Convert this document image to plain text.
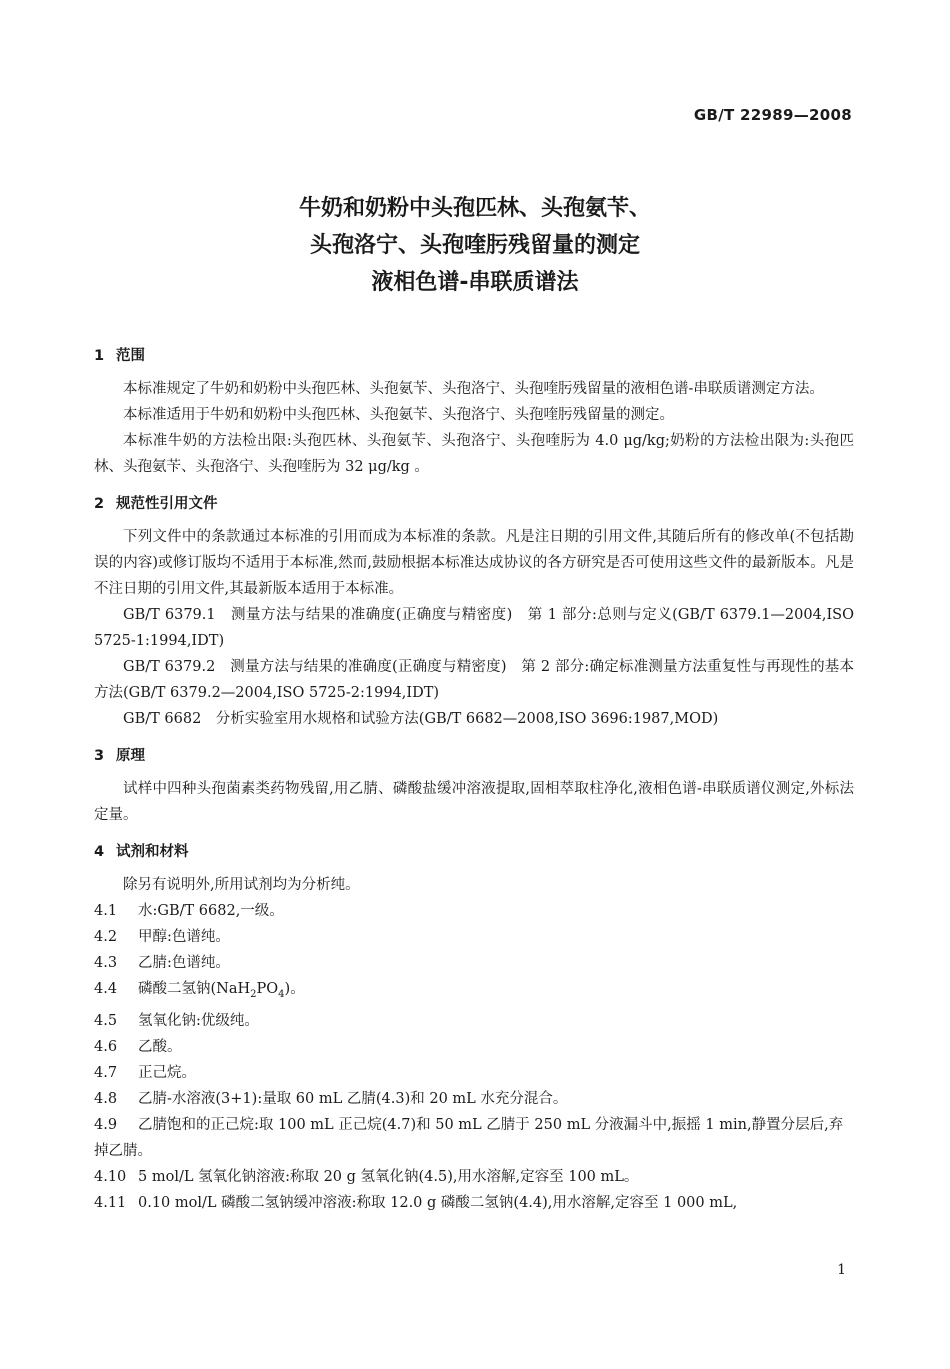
GB/T 22989—2008
牛奶和奶粉中头孢匹林、头孢氨苄、
头孢洛宁、头孢喹肟残留量的测定
液相色谱-串联质谱法
1 范围
本标准规定了牛奶和奶粉中头孢匹林、头孢氨苄、头孢洛宁、头孢喹肟残留量的液相色谱-串联质谱测定方法。
本标准适用于牛奶和奶粉中头孢匹林、头孢氨苄、头孢洛宁、头孢喹肟残留量的测定。
本标准牛奶的方法检出限:头孢匹林、头孢氨苄、头孢洛宁、头孢喹肟为 4.0 μg/kg;奶粉的方法检出限为:头孢匹林、头孢氨苄、头孢洛宁、头孢喹肟为 32 μg/kg 。
2 规范性引用文件
下列文件中的条款通过本标准的引用而成为本标准的条款。凡是注日期的引用文件,其随后所有的修改单(不包括勘误的内容)或修订版均不适用于本标准,然而,鼓励根据本标准达成协议的各方研究是否可使用这些文件的最新版本。凡是不注日期的引用文件,其最新版本适用于本标准。
GB/T 6379.1　测量方法与结果的准确度(正确度与精密度)　第 1 部分:总则与定义(GB/T 6379.1—2004,ISO 5725-1:1994,IDT)
GB/T 6379.2　测量方法与结果的准确度(正确度与精密度)　第 2 部分:确定标准测量方法重复性与再现性的基本方法(GB/T 6379.2—2004,ISO 5725-2:1994,IDT)
GB/T 6682　分析实验室用水规格和试验方法(GB/T 6682—2008,ISO 3696:1987,MOD)
3 原理
试样中四种头孢菌素类药物残留,用乙腈、磷酸盐缓冲溶液提取,固相萃取柱净化,液相色谱-串联质谱仪测定,外标法定量。
4 试剂和材料
除另有说明外,所用试剂均为分析纯。
4.1 水:GB/T 6682,一级。
4.2 甲醇:色谱纯。
4.3 乙腈:色谱纯。
4.4 磷酸二氢钠$(NaH_2PO_4)$。
4.5 氢氧化钠:优级纯。
4.6 乙酸。
4.7 正己烷。
4.8 乙腈-水溶液(3+1):量取 60 mL 乙腈(4.3)和 20 mL 水充分混合。
4.9 乙腈饱和的正己烷:取 100 mL 正己烷(4.7)和 50 mL 乙腈于 250 mL 分液漏斗中,振摇 1 min,静置分层后,弃掉乙腈。
4.10 5 mol/L 氢氧化钠溶液:称取 20 g 氢氧化钠(4.5),用水溶解,定容至 100 mL。
4.11 0.10 mol/L 磷酸二氢钠缓冲溶液:称取 12.0 g 磷酸二氢钠(4.4),用水溶解,定容至 1 000 mL,
1
